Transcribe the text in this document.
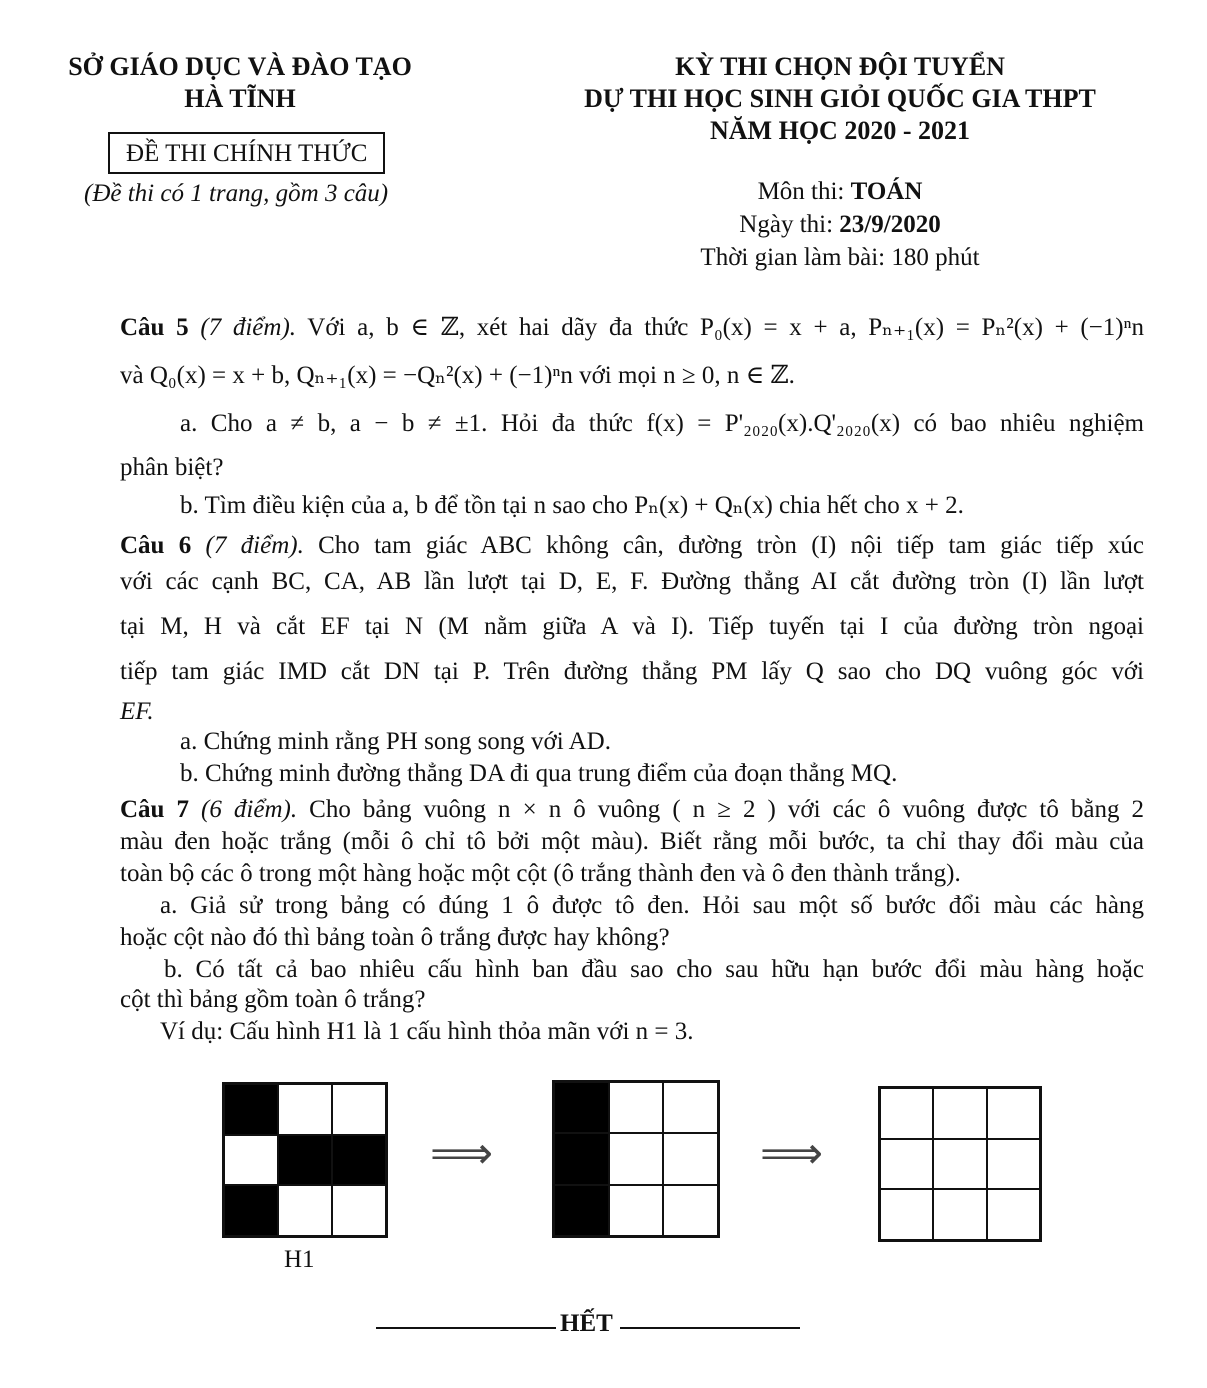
SỞ GIÁO DỤC VÀ ĐÀO TẠO
HÀ TĨNH
ĐỀ THI CHÍNH THỨC
(Đề thi có 1 trang, gồm 3 câu)
KỲ THI CHỌN ĐỘI TUYỂN
DỰ THI HỌC SINH GIỎI QUỐC GIA THPT
NĂM HỌC 2020 - 2021
Môn thi: TOÁN
Ngày thi: 23/9/2020
Thời gian làm bài: 180 phút
Câu 5 (7 điểm). Với a, b ∈ ℤ, xét hai dãy đa thức P₀(x) = x + a, Pₙ₊₁(x) = Pₙ²(x) + (−1)ⁿn
và Q₀(x) = x + b, Qₙ₊₁(x) = −Qₙ²(x) + (−1)ⁿn với mọi n ≥ 0, n ∈ ℤ.
a. Cho a ≠ b, a − b ≠ ±1. Hỏi đa thức f(x) = P'₂₀₂₀(x).Q'₂₀₂₀(x) có bao nhiêu nghiệm
phân biệt?
b. Tìm điều kiện của a, b để tồn tại n sao cho Pₙ(x) + Qₙ(x) chia hết cho x + 2.
Câu 6 (7 điểm). Cho tam giác ABC không cân, đường tròn (I) nội tiếp tam giác tiếp xúc
với các cạnh BC, CA, AB lần lượt tại D, E, F. Đường thẳng AI cắt đường tròn (I) lần lượt
tại M, H và cắt EF tại N (M nằm giữa A và I). Tiếp tuyến tại I của đường tròn ngoại
tiếp tam giác IMD cắt DN tại P. Trên đường thẳng PM lấy Q sao cho DQ vuông góc với
EF.
a. Chứng minh rằng PH song song với AD.
b. Chứng minh đường thẳng DA đi qua trung điểm của đoạn thẳng MQ.
Câu 7 (6 điểm). Cho bảng vuông n × n ô vuông ( n ≥ 2 ) với các ô vuông được tô bằng 2
màu đen hoặc trắng (mỗi ô chỉ tô bởi một màu). Biết rằng mỗi bước, ta chỉ thay đổi màu của
toàn bộ các ô trong một hàng hoặc một cột (ô trắng thành đen và ô đen thành trắng).
a. Giả sử trong bảng có đúng 1 ô được tô đen. Hỏi sau một số bước đổi màu các hàng
hoặc cột nào đó thì bảng toàn ô trắng được hay không?
b. Có tất cả bao nhiêu cấu hình ban đầu sao cho sau hữu hạn bước đổi màu hàng hoặc
cột thì bảng gồm toàn ô trắng?
Ví dụ: Cấu hình H1 là 1 cấu hình thỏa mãn với n = 3.
⟹	⟹
H1
HẾT
